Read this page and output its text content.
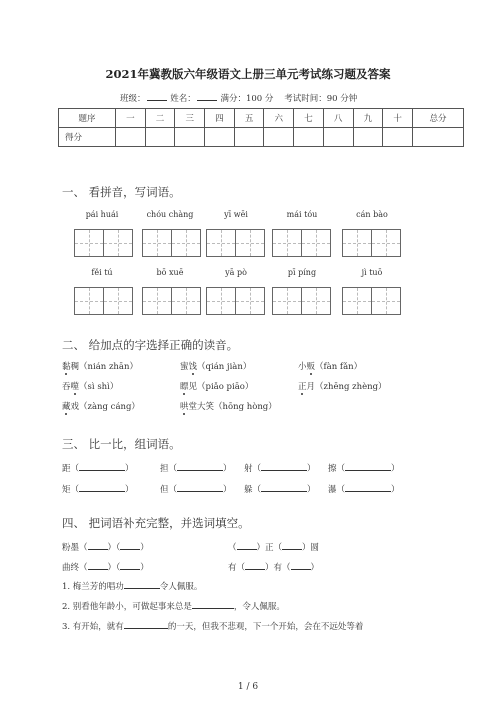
2021年冀教版六年级语文上册三单元考试练习题及答案
班级：	姓名：	满分：100 分 考试时间：90 分钟
题序	一	二	三	四	五	六	七	八	九	十	总分
得分											
一、 看拼音，写词语。
pái huái	chóu chàng	yī wēi	mái tóu	cán bào
fěi tú	bō xuē	yā pò	pī píng	jì tuō
二、 给加点的字选择正确的读音。
黏稠（nián zhān）	蜜饯（qián jiàn）	小贩（fàn fǎn）
吞噬（sì shì）	瞟见（piǎo piāo）	正月（zhēng zhèng）
藏戏（zàng cáng）	哄堂大笑（hōng hòng）
三、 比一比，组词语。
距（	）	担（	） 射（	） 擦（	）
矩（	）	但（	） 躲（	） 瀑（	）
四、 把词语补充完整，并选词填空。
粉墨（ ）（ ）	（ ）正（ ）圆
曲终（ ）（ ）	有（ ）有（ ）
1. 梅兰芳的唱功	令人佩服。
2. 别看他年龄小，可做起事来总是	，令人佩服。
3. 有开始，就有	的一天，但我不悲观，下一个开始，会在不远处等着
1 / 6
